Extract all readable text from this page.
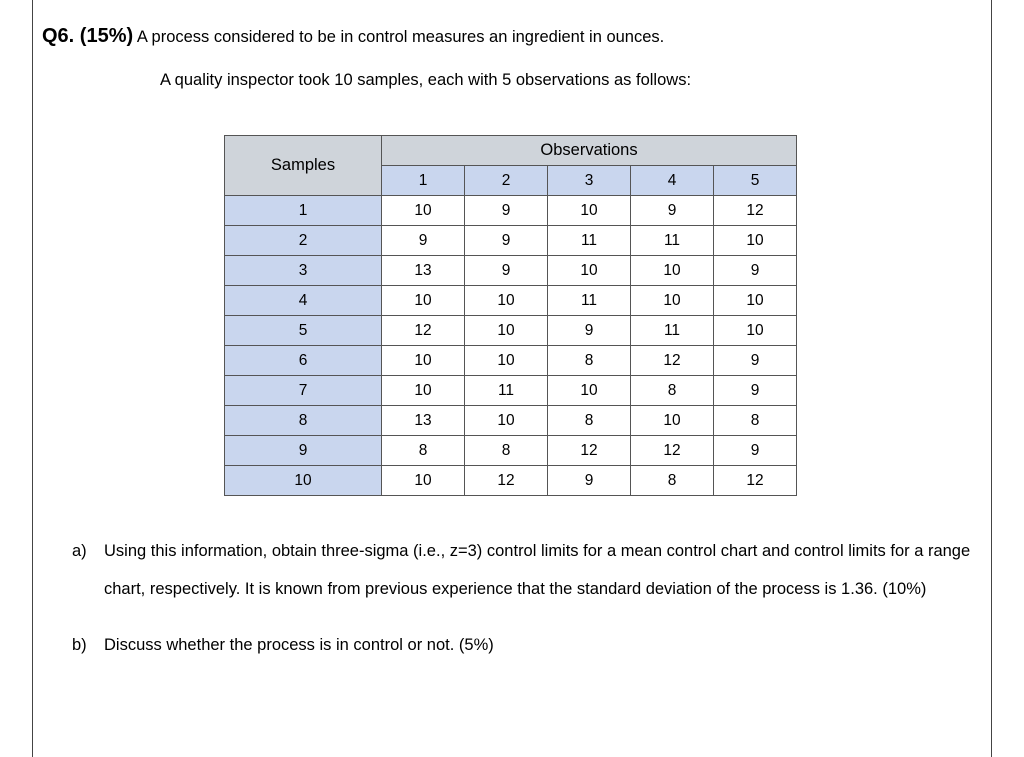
Q6. (15%) A process considered to be in control measures an ingredient in ounces.
A quality inspector took 10 samples, each with 5 observations as follows:
Samples	Observations				
	1	2	3	4	5
1	10	9	10	9	12
2	9	9	11	11	10
3	13	9	10	10	9
4	10	10	11	10	10
5	12	10	9	11	10
6	10	10	8	12	9
7	10	11	10	8	9
8	13	10	8	10	8
9	8	8	12	12	9
10	10	12	9	8	12
a)	Using this information, obtain three-sigma (i.e., z=3) control limits for a mean control chart and control limits for a range chart, respectively. It is known from previous experience that the standard deviation of the process is 1.36. (10%)
b)	Discuss whether the process is in control or not. (5%)
